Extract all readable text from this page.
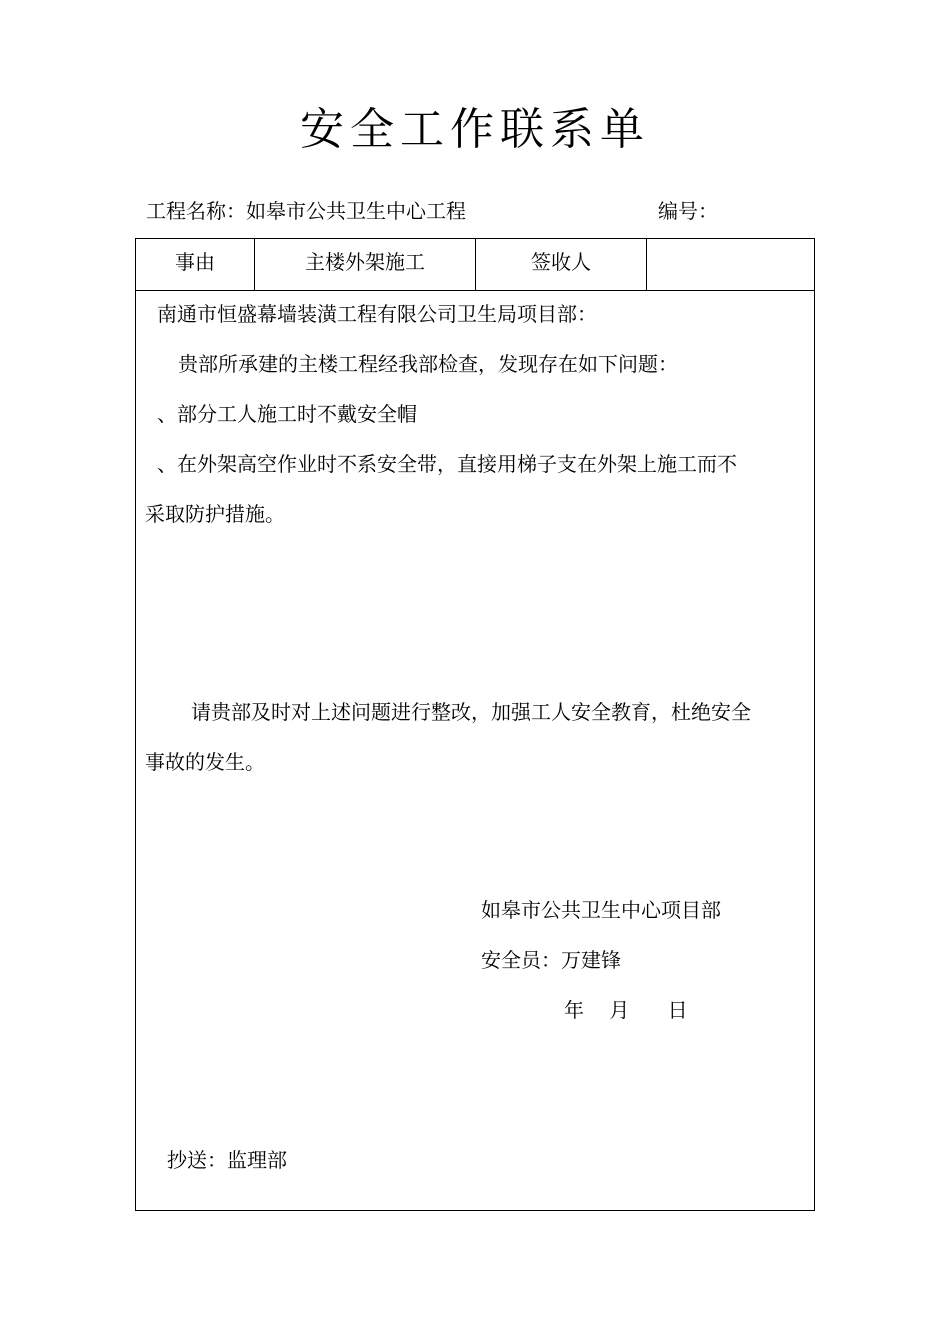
安全工作联系单
工程名称：如皋市公共卫生中心工程	编号：
事由	主楼外架施工	签收人
南通市恒盛幕墙装潢工程有限公司卫生局项目部：
贵部所承建的主楼工程经我部检查，发现存在如下问题：
、部分工人施工时不戴安全帽
、在外架高空作业时不系安全带，直接用梯子支在外架上施工而不
采取防护措施。
请贵部及时对上述问题进行整改，加强工人安全教育，杜绝安全
事故的发生。
如皋市公共卫生中心项目部
安全员：万建锋
年    月      日
抄送：监理部
